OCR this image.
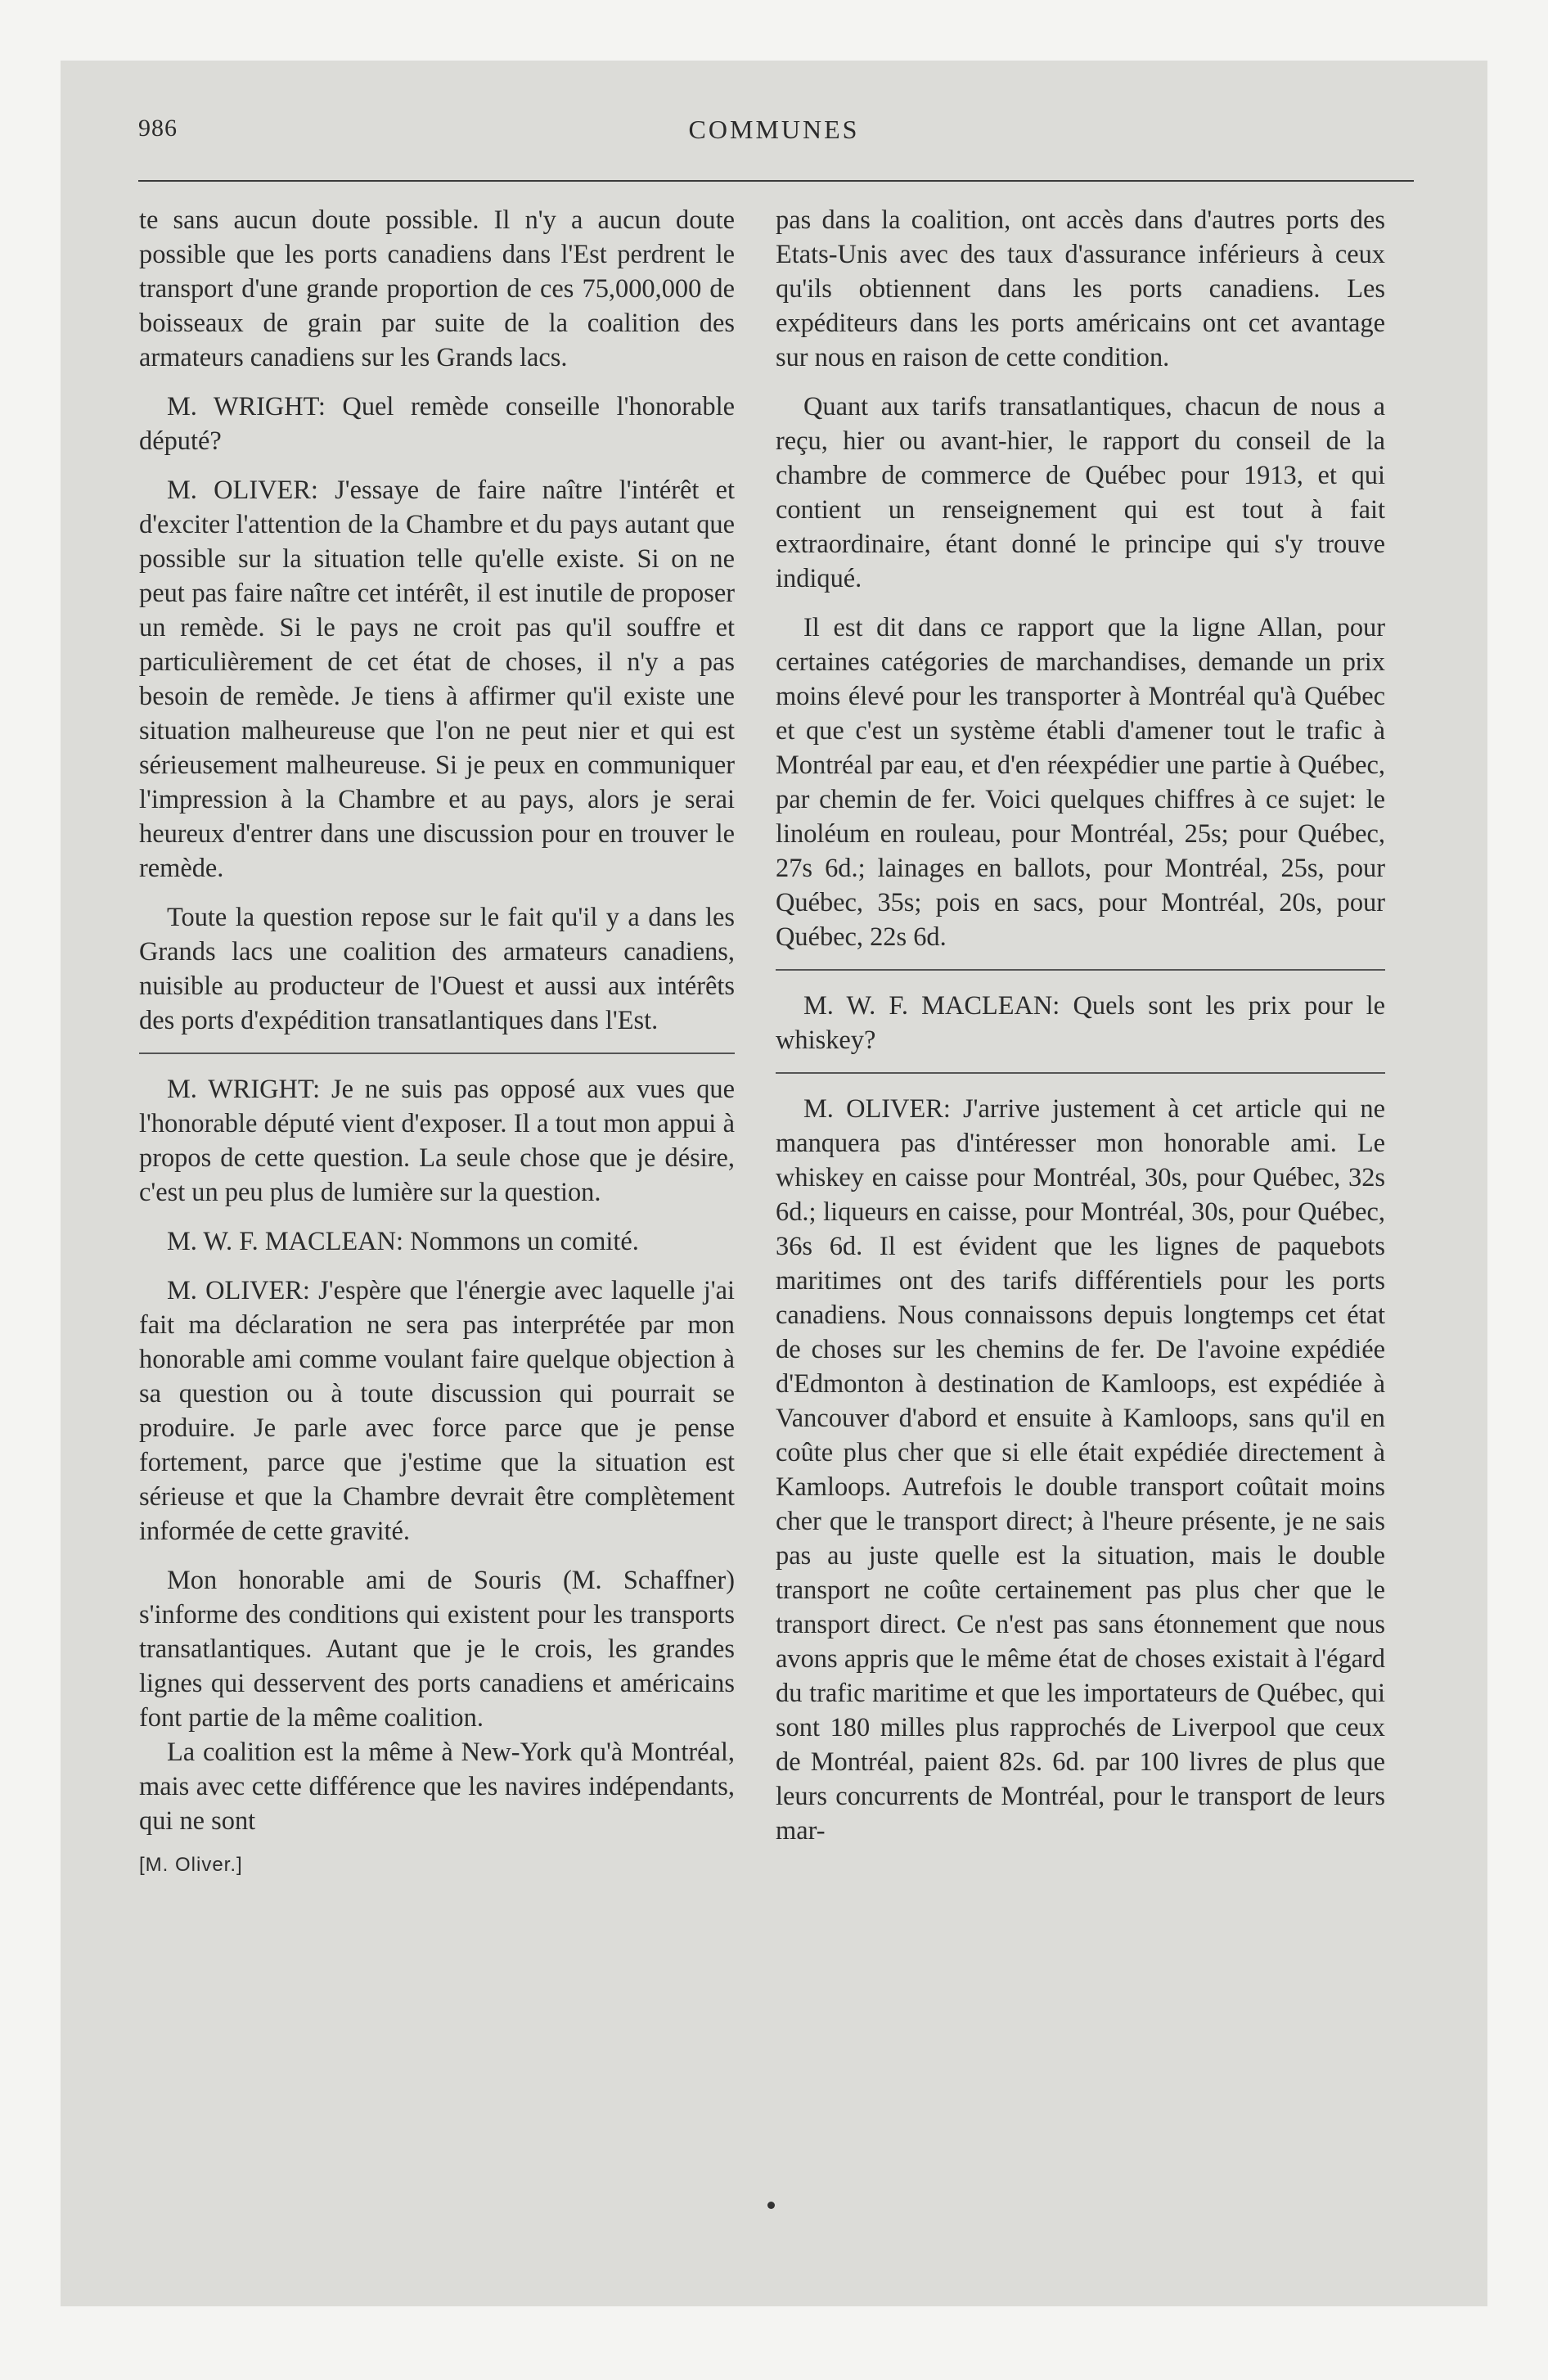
986	COMMUNES

te sans aucun doute possible. Il n'y a aucun doute possible que les ports canadiens dans l'Est perdrent le transport d'une grande proportion de ces 75,000,000 de boisseaux de grain par suite de la coalition des armateurs canadiens sur les Grands lacs.

M. WRIGHT: Quel remède conseille l'honorable député?

M. OLIVER: J'essaye de faire naître l'intérêt et d'exciter l'attention de la Chambre et du pays autant que possible sur la situation telle qu'elle existe. Si on ne peut pas faire naître cet intérêt, il est inutile de proposer un remède. Si le pays ne croit pas qu'il souffre et particulièrement de cet état de choses, il n'y a pas besoin de remède. Je tiens à affirmer qu'il existe une situation malheureuse que l'on ne peut nier et qui est sérieusement malheureuse. Si je peux en communiquer l'impression à la Chambre et au pays, alors je serai heureux d'entrer dans une discussion pour en trouver le remède.

Toute la question repose sur le fait qu'il y a dans les Grands lacs une coalition des armateurs canadiens, nuisible au producteur de l'Ouest et aussi aux intérêts des ports d'expédition transatlantiques dans l'Est.

M. WRIGHT: Je ne suis pas opposé aux vues que l'honorable député vient d'exposer. Il a tout mon appui à propos de cette question. La seule chose que je désire, c'est un peu plus de lumière sur la question.

M. W. F. MACLEAN: Nommons un comité.

M. OLIVER: J'espère que l'énergie avec laquelle j'ai fait ma déclaration ne sera pas interprétée par mon honorable ami comme voulant faire quelque objection à sa question ou à toute discussion qui pourrait se produire. Je parle avec force parce que je pense fortement, parce que j'estime que la situation est sérieuse et que la Chambre devrait être complètement informée de cette gravité.

Mon honorable ami de Souris (M. Schaffner) s'informe des conditions qui existent pour les transports transatlantiques. Autant que je le crois, les grandes lignes qui desservent des ports canadiens et américains font partie de la même coalition.

La coalition est la même à New-York qu'à Montréal, mais avec cette différence que les navires indépendants, qui ne sont

[M. Oliver.]

pas dans la coalition, ont accès dans d'autres ports des Etats-Unis avec des taux d'assurance inférieurs à ceux qu'ils obtiennent dans les ports canadiens. Les expéditeurs dans les ports américains ont cet avantage sur nous en raison de cette condition.

Quant aux tarifs transatlantiques, chacun de nous a reçu, hier ou avant-hier, le rapport du conseil de la chambre de commerce de Québec pour 1913, et qui contient un renseignement qui est tout à fait extraordinaire, étant donné le principe qui s'y trouve indiqué.

Il est dit dans ce rapport que la ligne Allan, pour certaines catégories de marchandises, demande un prix moins élevé pour les transporter à Montréal qu'à Québec et que c'est un système établi d'amener tout le trafic à Montréal par eau, et d'en réexpédier une partie à Québec, par chemin de fer. Voici quelques chiffres à ce sujet: le linoléum en rouleau, pour Montréal, 25s; pour Québec, 27s 6d.; lainages en ballots, pour Montréal, 25s, pour Québec, 35s; pois en sacs, pour Montréal, 20s, pour Québec, 22s 6d.

M. W. F. MACLEAN: Quels sont les prix pour le whiskey?

M. OLIVER: J'arrive justement à cet article qui ne manquera pas d'intéresser mon honorable ami. Le whiskey en caisse pour Montréal, 30s, pour Québec, 32s 6d.; liqueurs en caisse, pour Montréal, 30s, pour Québec, 36s 6d. Il est évident que les lignes de paquebots maritimes ont des tarifs différentiels pour les ports canadiens. Nous connaissons depuis longtemps cet état de choses sur les chemins de fer. De l'avoine expédiée d'Edmonton à destination de Kamloops, est expédiée à Vancouver d'abord et ensuite à Kamloops, sans qu'il en coûte plus cher que si elle était expédiée directement à Kamloops. Autrefois le double transport coûtait moins cher que le transport direct; à l'heure présente, je ne sais pas au juste quelle est la situation, mais le double transport ne coûte certainement pas plus cher que le transport direct. Ce n'est pas sans étonnement que nous avons appris que le même état de choses existait à l'égard du trafic maritime et que les importateurs de Québec, qui sont 180 milles plus rapprochés de Liverpool que ceux de Montréal, paient 82s. 6d. par 100 livres de plus que leurs concurrents de Montréal, pour le transport de leurs mar-
